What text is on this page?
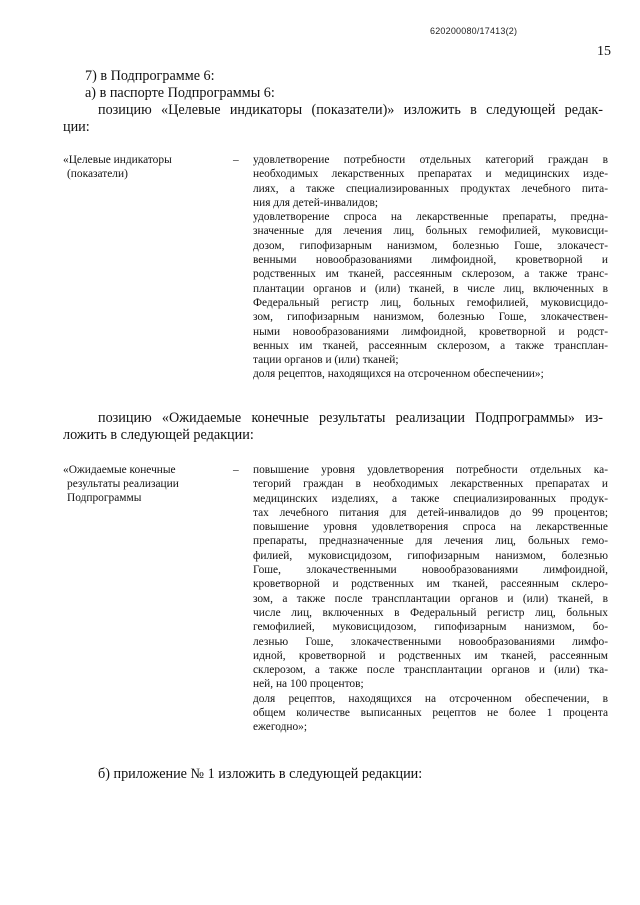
620200080/17413(2)
15
7) в Подпрограмме 6:
а) в паспорте Подпрограммы 6:
позицию «Целевые индикаторы (показатели)» изложить в следующей редак-
ции:
«Целевые индикаторы
(показатели)
– удовлетворение потребности отдельных категорий граждан в
необходимых лекарственных препаратах и медицинских изде-
лиях, а также специализированных продуктах лечебного пита-
ния для детей-инвалидов;
удовлетворение спроса на лекарственные препараты, предна-
значенные для лечения лиц, больных гемофилией, муковисци-
дозом, гипофизарным нанизмом, болезнью Гоше, злокачест-
венными новообразованиями лимфоидной, кроветворной и
родственных им тканей, рассеянным склерозом, а также транс-
плантации органов и (или) тканей, в числе лиц, включенных в
Федеральный регистр лиц, больных гемофилией, муковисцидо-
зом, гипофизарным нанизмом, болезнью Гоше, злокачествен-
ными новообразованиями лимфоидной, кроветворной и родст-
венных им тканей, рассеянным склерозом, а также трансплан-
тации органов и (или) тканей;
доля рецептов, находящихся на отсроченном обеспечении»;
позицию «Ожидаемые конечные результаты реализации Подпрограммы» из-
ложить в следующей редакции:
«Ожидаемые конечные
результаты реализации
Подпрограммы
– повышение уровня удовлетворения потребности отдельных ка-
тегорий граждан в необходимых лекарственных препаратах и
медицинских изделиях, а также специализированных продук-
тах лечебного питания для детей-инвалидов до 99 процентов;
повышение уровня удовлетворения спроса на лекарственные
препараты, предназначенные для лечения лиц, больных гемо-
филией, муковисцидозом, гипофизарным нанизмом, болезнью
Гоше, злокачественными новообразованиями лимфоидной,
кроветворной и родственных им тканей, рассеянным склеро-
зом, а также после трансплантации органов и (или) тканей, в
числе лиц, включенных в Федеральный регистр лиц, больных
гемофилией, муковисцидозом, гипофизарным нанизмом, бо-
лезнью Гоше, злокачественными новообразованиями лимфо-
идной, кроветворной и родственных им тканей, рассеянным
склерозом, а также после трансплантации органов и (или) тка-
ней, на 100 процентов;
доля рецептов, находящихся на отсроченном обеспечении, в
общем количестве выписанных рецептов не более 1 процента
ежегодно»;
б) приложение № 1 изложить в следующей редакции:
